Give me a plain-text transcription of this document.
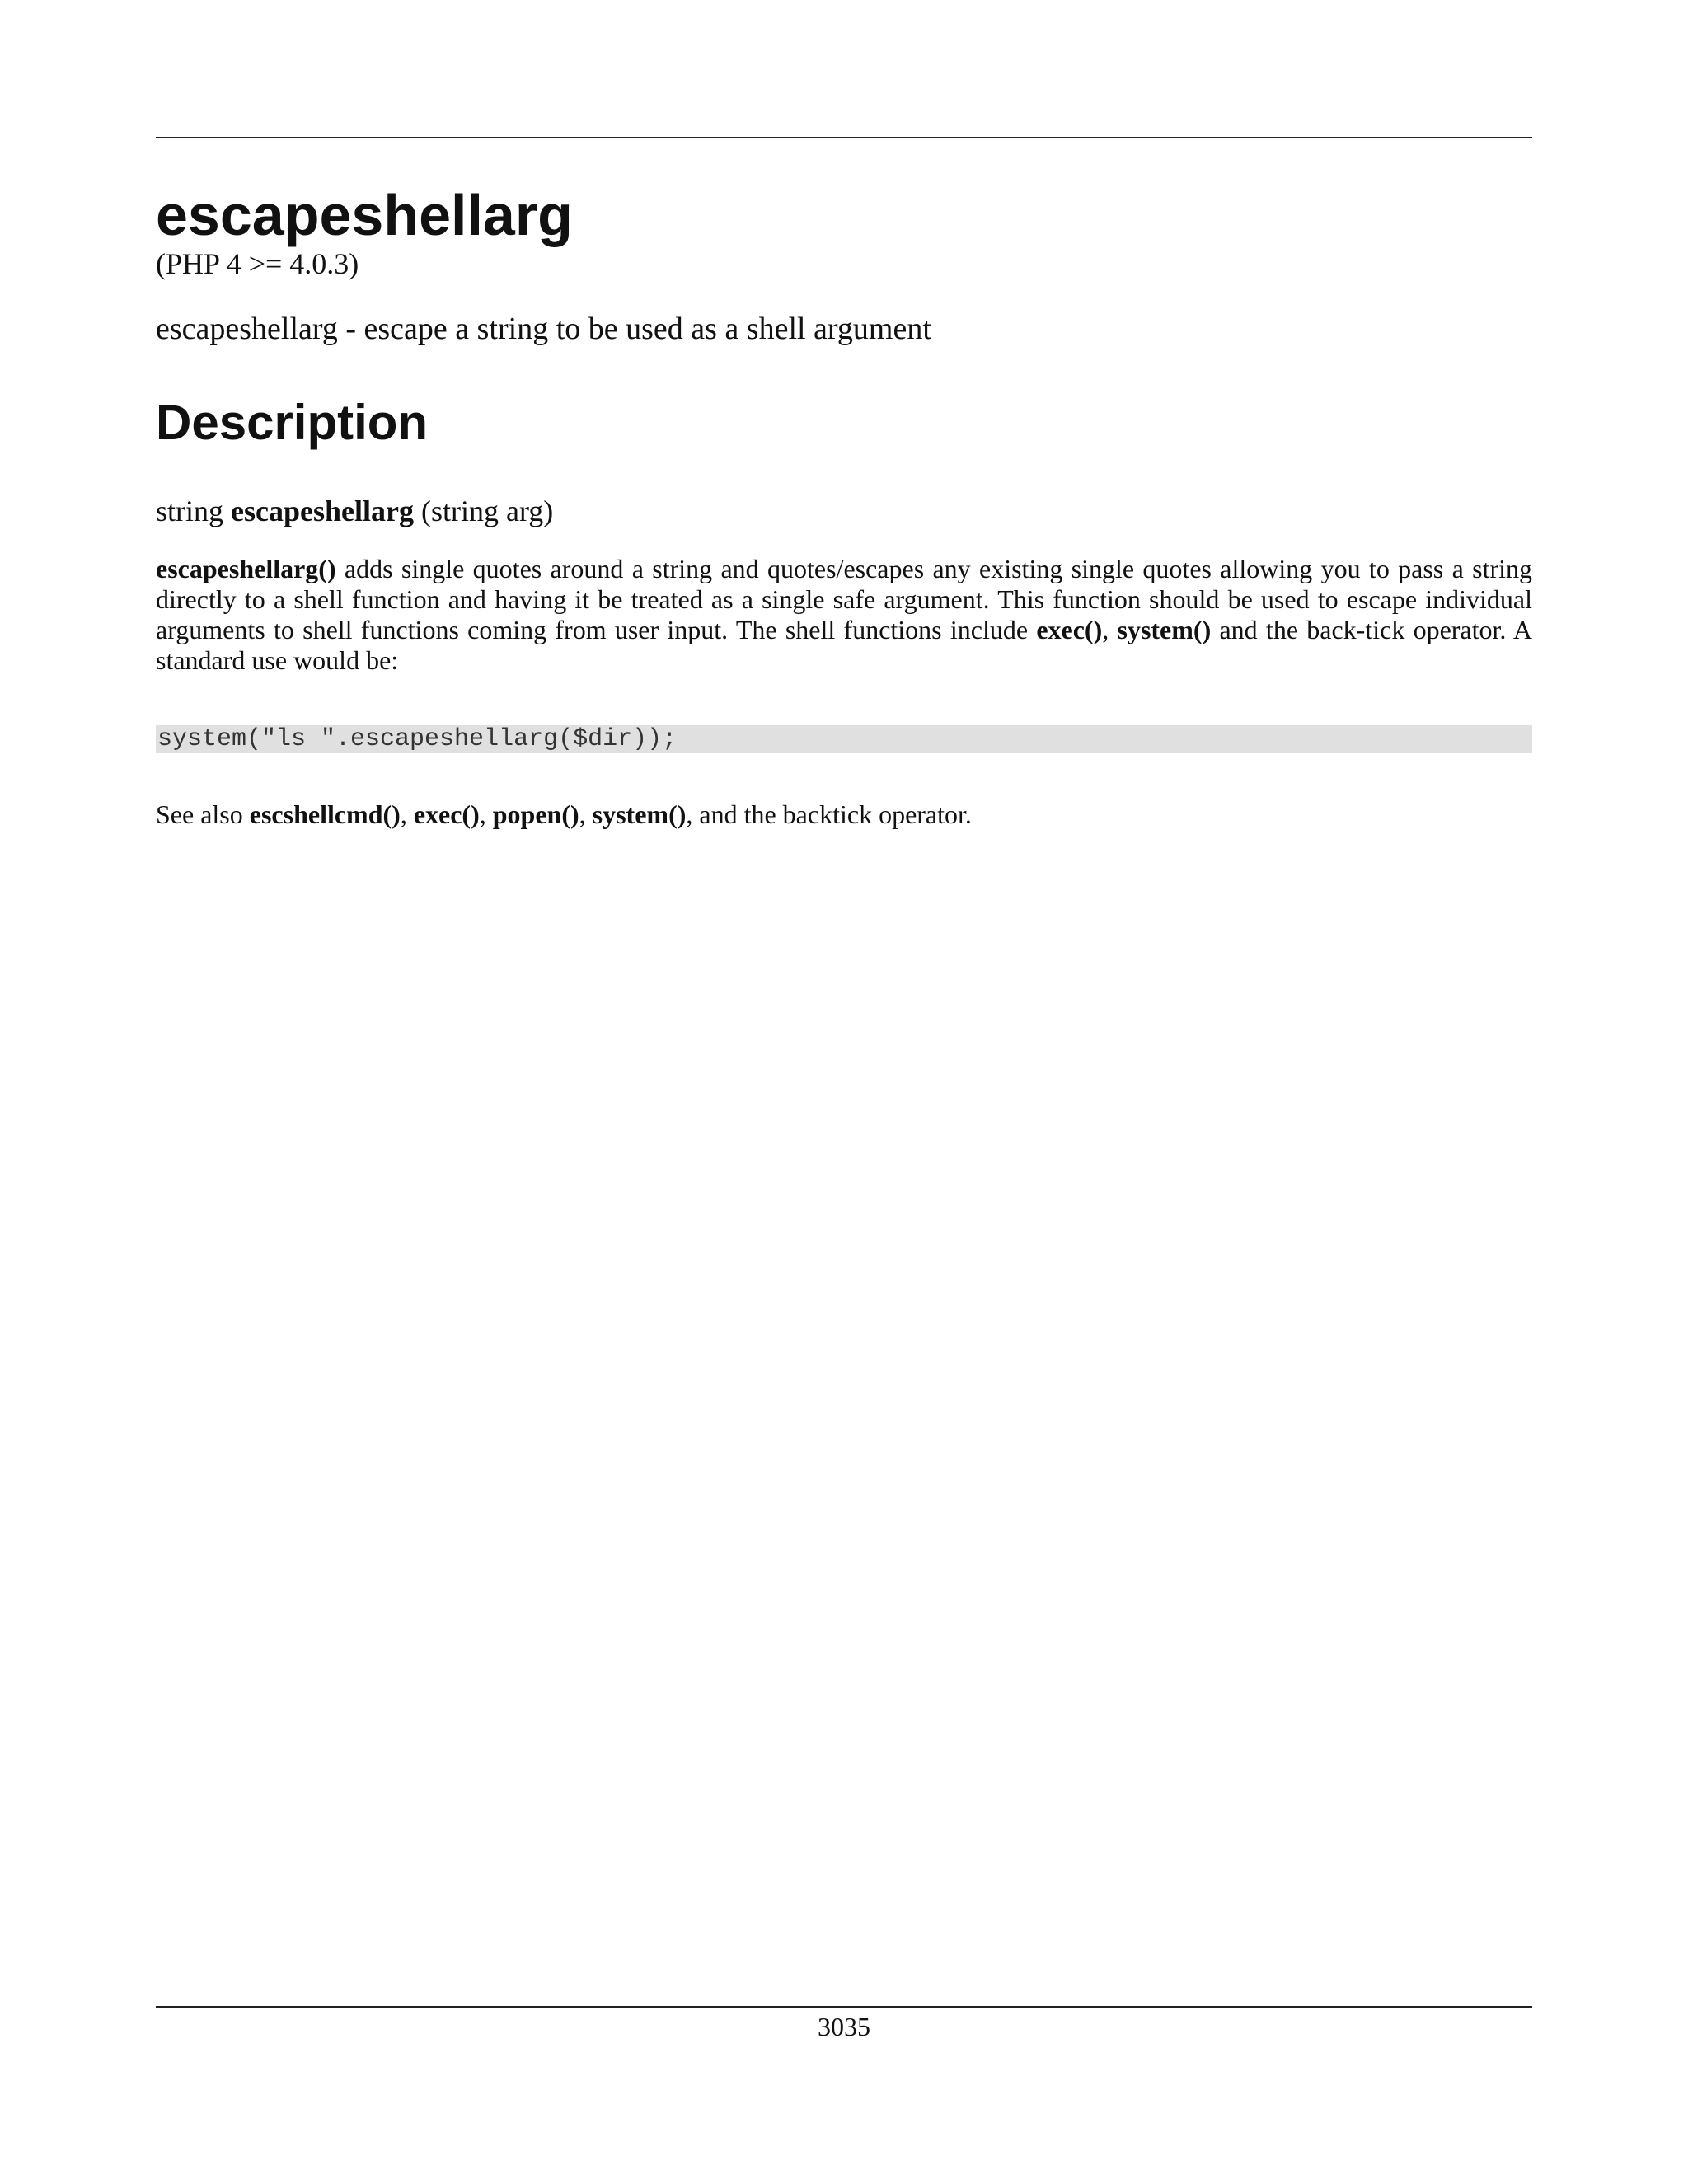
escapeshellarg
(PHP 4 >= 4.0.3)
escapeshellarg - escape a string to be used as a shell argument
Description
string escapeshellarg (string arg)
escapeshellarg() adds single quotes around a string and quotes/escapes any existing single quotes allowing you to pass a string directly to a shell function and having it be treated as a single safe argument. This function should be used to escape individual arguments to shell functions coming from user input. The shell functions include exec(), system() and the back-tick operator. A standard use would be:
system("ls ".escapeshellarg($dir));
See also escshellcmd(), exec(), popen(), system(), and the backtick operator.
3035
